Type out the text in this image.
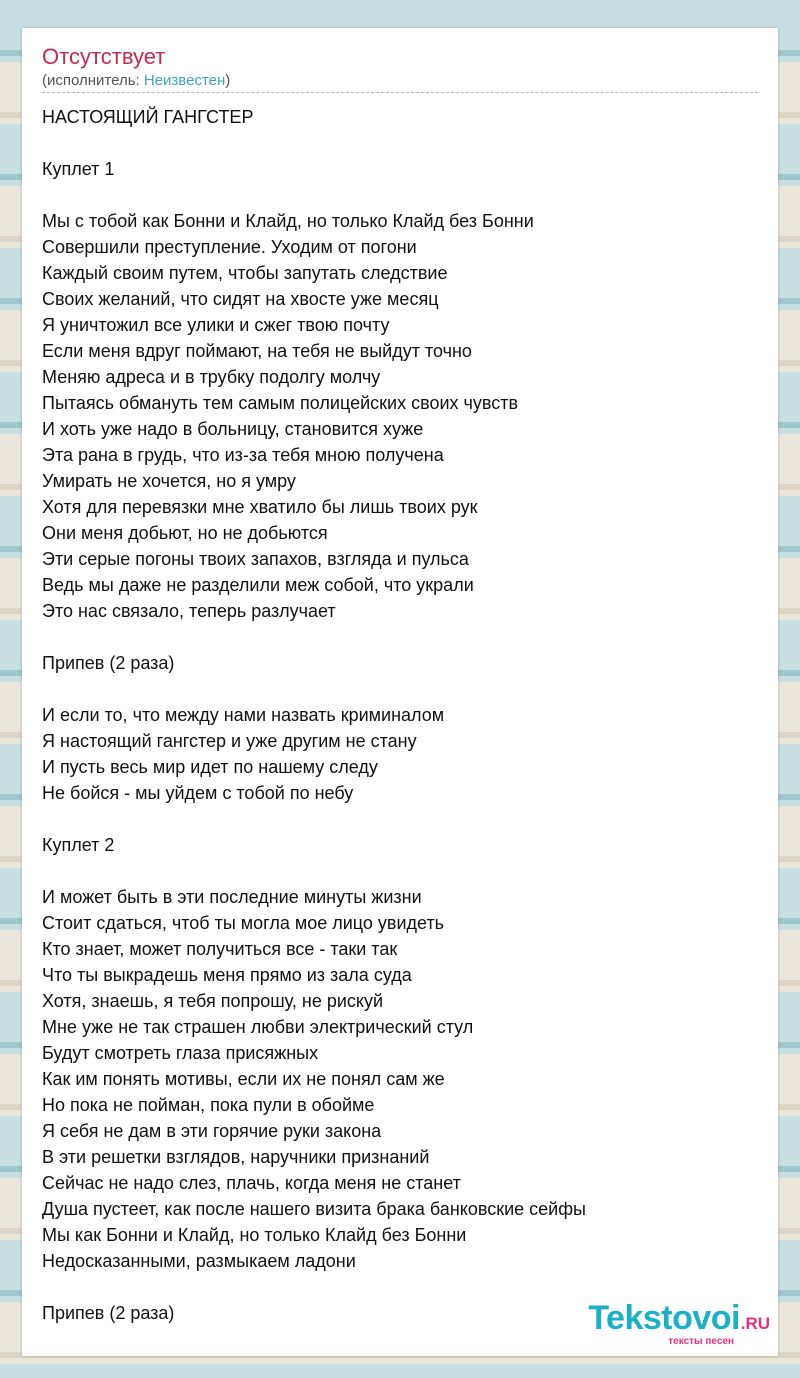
Отсутствует
(исполнитель: Неизвестен)
НАСТОЯЩИЙ ГАНГСТЕР
Куплет 1
Мы с тобой как Бонни и Клайд, но только Клайд без Бонни
Совершили преступление. Уходим от погони
Каждый своим путем, чтобы запутать следствие
Своих желаний, что сидят на хвосте уже месяц
Я уничтожил все улики и сжег твою почту
Если меня вдруг поймают, на тебя не выйдут точно
Меняю адреса и в трубку подолгу молчу
Пытаясь обмануть тем самым полицейских своих чувств
И хоть уже надо в больницу, становится хуже
Эта рана в грудь, что из-за тебя мною получена
Умирать не хочется, но я умру
Хотя для перевязки мне хватило бы лишь твоих рук
Они меня добьют, но не добьются
Эти серые погоны твоих запахов, взгляда и пульса
Ведь мы даже не разделили меж собой, что украли
Это нас связало, теперь разлучает
Припев (2 раза)
И если то, что между нами назвать криминалом
Я настоящий гангстер и уже другим не стану
И пусть весь мир идет по нашему следу
Не бойся - мы уйдем с тобой по небу
Куплет 2
И может быть в эти последние минуты жизни
Стоит сдаться, чтоб ты могла мое лицо увидеть
Кто знает, может получиться все - таки так
Что ты выкрадешь меня прямо из зала суда
Хотя, знаешь, я тебя попрошу, не рискуй
Мне уже не так страшен любви электрический стул
Будут смотреть глаза присяжных
Как им понять мотивы, если их не понял сам же
Но пока не пойман, пока пули в обойме
Я себя не дам в эти горячие руки закона
В эти решетки взглядов, наручники признаний
Сейчас не надо слез, плачь, когда меня не станет
Душа пустеет, как после нашего визита брака банковские сейфы
Мы как Бонни и Клайд, но только Клайд без Бонни
Недосказанными, размыкаем ладони
Припев (2 раза)	Tekstovoi .RU
тексты песен
